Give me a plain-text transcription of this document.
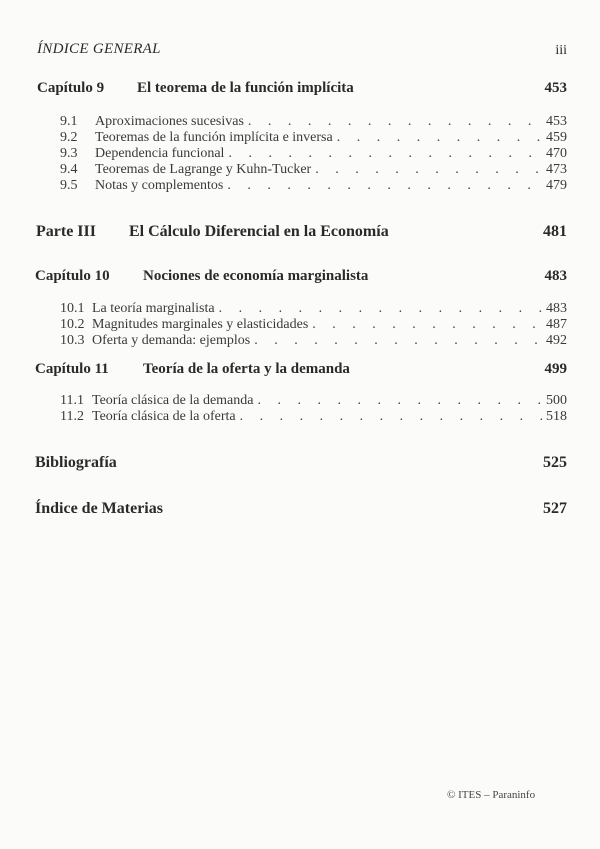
ÍNDICE GENERAL	iii
Capítulo 9	El teorema de la función implícita	453
9.1	Aproximaciones sucesivas . . .	453
9.2	Teoremas de la función implícita e inversa . . .	459
9.3	Dependencia funcional . . .	470
9.4	Teoremas de Lagrange y Kuhn-Tucker . . .	473
9.5	Notas y complementos . . .	479
Parte III	El Cálculo Diferencial en la Economía	481
Capítulo 10	Nociones de economía marginalista	483
10.1 La teoría marginalista . . .	483
10.2 Magnitudes marginales y elasticidades . . .	487
10.3 Oferta y demanda: ejemplos . . .	492
Capítulo 11	Teoría de la oferta y la demanda	499
11.1 Teoría clásica de la demanda . . .	500
11.2 Teoría clásica de la oferta . . .	518
Bibliografía	525
Índice de Materias	527
© ITES – Paraninfo
